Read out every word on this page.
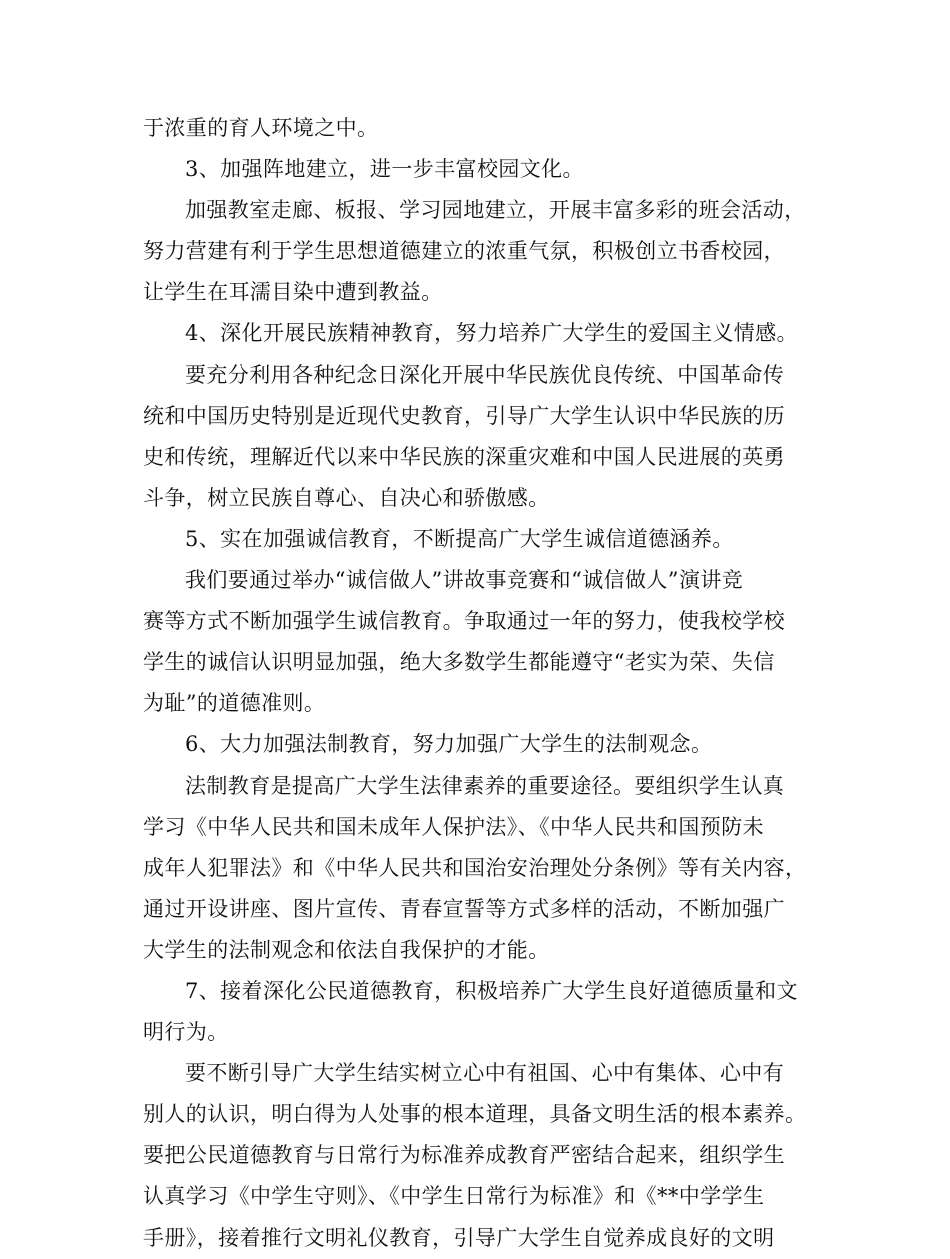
于浓重的育人环境之中。
3、加强阵地建立，进一步丰富校园文化。
加强教室走廊、板报、学习园地建立，开展丰富多彩的班会活动，
努力营建有利于学生思想道德建立的浓重气氛，积极创立书香校园，
让学生在耳濡目染中遭到教益。
4、深化开展民族精神教育，努力培养广大学生的爱国主义情感。
要充分利用各种纪念日深化开展中华民族优良传统、中国革命传
统和中国历史特别是近现代史教育，引导广大学生认识中华民族的历
史和传统，理解近代以来中华民族的深重灾难和中国人民进展的英勇
斗争，树立民族自尊心、自决心和骄傲感。
5、实在加强诚信教育，不断提高广大学生诚信道德涵养。
我们要通过举办“诚信做人”讲故事竞赛和“诚信做人”演讲竞
赛等方式不断加强学生诚信教育。争取通过一年的努力，使我校学校
学生的诚信认识明显加强，绝大多数学生都能遵守“老实为荣、失信
为耻”的道德准则。
6、大力加强法制教育，努力加强广大学生的法制观念。
法制教育是提高广大学生法律素养的重要途径。要组织学生认真
学习《中华人民共和国未成年人保护法》、《中华人民共和国预防未
成年人犯罪法》和《中华人民共和国治安治理处分条例》等有关内容，
通过开设讲座、图片宣传、青春宣誓等方式多样的活动，不断加强广
大学生的法制观念和依法自我保护的才能。
7、接着深化公民道德教育，积极培养广大学生良好道德质量和文
明行为。
要不断引导广大学生结实树立心中有祖国、心中有集体、心中有
别人的认识，明白得为人处事的根本道理，具备文明生活的根本素养。
要把公民道德教育与日常行为标准养成教育严密结合起来，组织学生
认真学习《中学生守则》、《中学生日常行为标准》和《**中学学生
手册》，接着推行文明礼仪教育，引导广大学生自觉养成良好的文明
